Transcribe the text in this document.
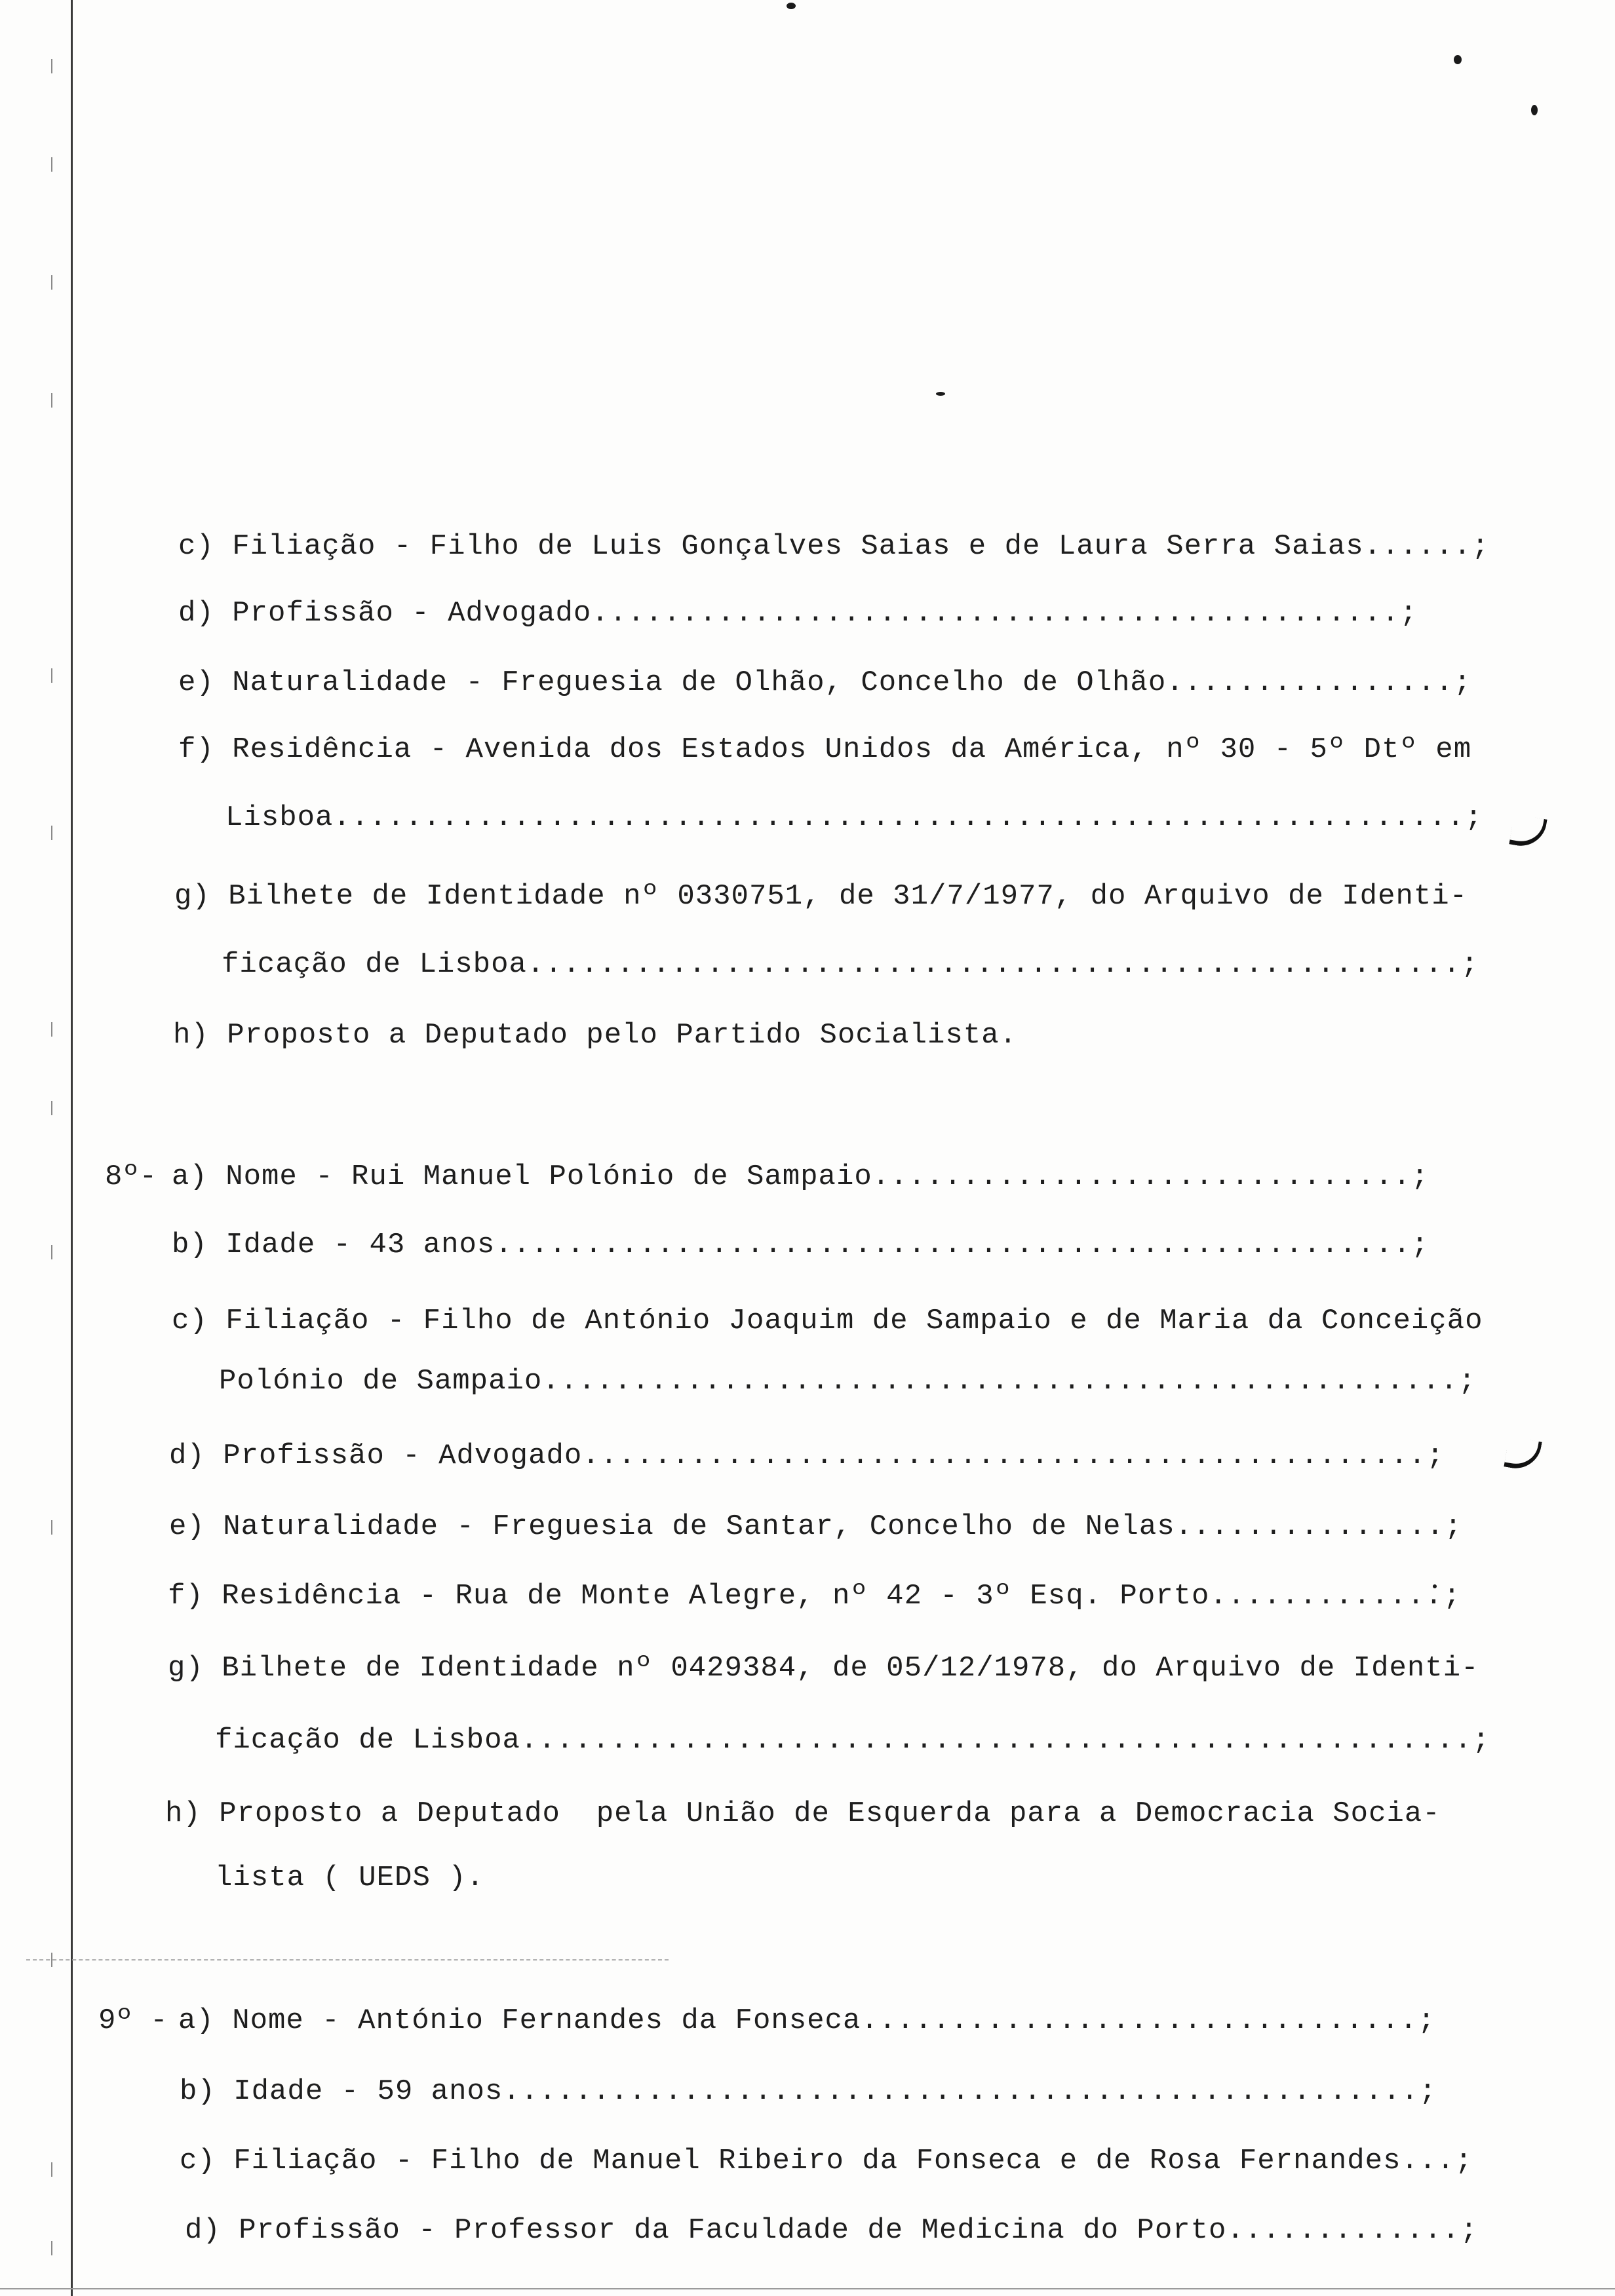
c) Filiação - Filho de Luis Gonçalves Saias e de Laura Serra Saias......;
d) Profissão - Advogado.............................................;
e) Naturalidade - Freguesia de Olhão, Concelho de Olhão................;
f) Residência - Avenida dos Estados Unidos da América, nº 30 - 5º Dtº em
Lisboa...............................................................;
g) Bilhete de Identidade nº 0330751, de 31/7/1977, do Arquivo de Identi-
ficação de Lisboa....................................................;
h) Proposto a Deputado pelo Partido Socialista.
8º- a) Nome - Rui Manuel Polónio de Sampaio..............................;
b) Idade - 43 anos...................................................;
c) Filiação - Filho de António Joaquim de Sampaio e de Maria da Conceição
Polónio de Sampaio...................................................;
d) Profissão - Advogado...............................................;
e) Naturalidade - Freguesia de Santar, Concelho de Nelas...............;
f) Residência - Rua de Monte Alegre, nº 42 - 3º Esq. Porto.............;
g) Bilhete de Identidade nº 0429384, de 05/12/1978, do Arquivo de Identi-
ficação de Lisboa.....................................................;
h) Proposto a Deputado  pela União de Esquerda para a Democracia Socia-
lista ( UEDS ).
9º - a) Nome - António Fernandes da Fonseca...............................;
b) Idade - 59 anos...................................................;
c) Filiação - Filho de Manuel Ribeiro da Fonseca e de Rosa Fernandes...;
d) Profissão - Professor da Faculdade de Medicina do Porto.............;
